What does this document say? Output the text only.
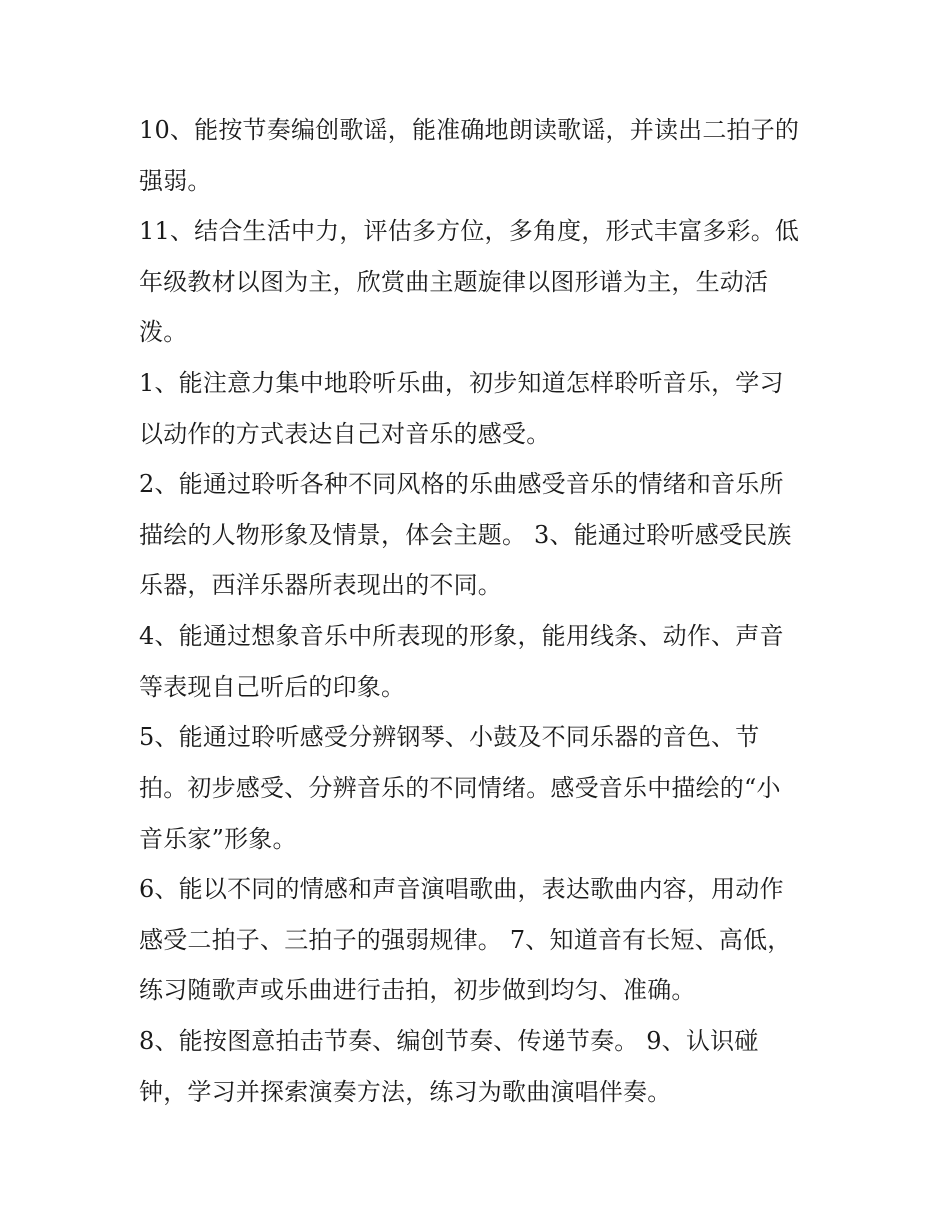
10、能按节奏编创歌谣，能准确地朗读歌谣，并读出二拍子的
强弱。
11、结合生活中力，评估多方位，多角度，形式丰富多彩。低
年级教材以图为主，欣赏曲主题旋律以图形谱为主，生动活
泼。
1、能注意力集中地聆听乐曲，初步知道怎样聆听音乐，学习
以动作的方式表达自己对音乐的感受。
2、能通过聆听各种不同风格的乐曲感受音乐的情绪和音乐所
描绘的人物形象及情景，体会主题。 3、能通过聆听感受民族
乐器，西洋乐器所表现出的不同。
4、能通过想象音乐中所表现的形象，能用线条、动作、声音
等表现自己听后的印象。
5、能通过聆听感受分辨钢琴、小鼓及不同乐器的音色、节
拍。初步感受、分辨音乐的不同情绪。感受音乐中描绘的“小
音乐家”形象。
6、能以不同的情感和声音演唱歌曲，表达歌曲内容，用动作
感受二拍子、三拍子的强弱规律。 7、知道音有长短、高低，
练习随歌声或乐曲进行击拍，初步做到均匀、准确。
8、能按图意拍击节奏、编创节奏、传递节奏。 9、认识碰
钟，学习并探索演奏方法，练习为歌曲演唱伴奏。
